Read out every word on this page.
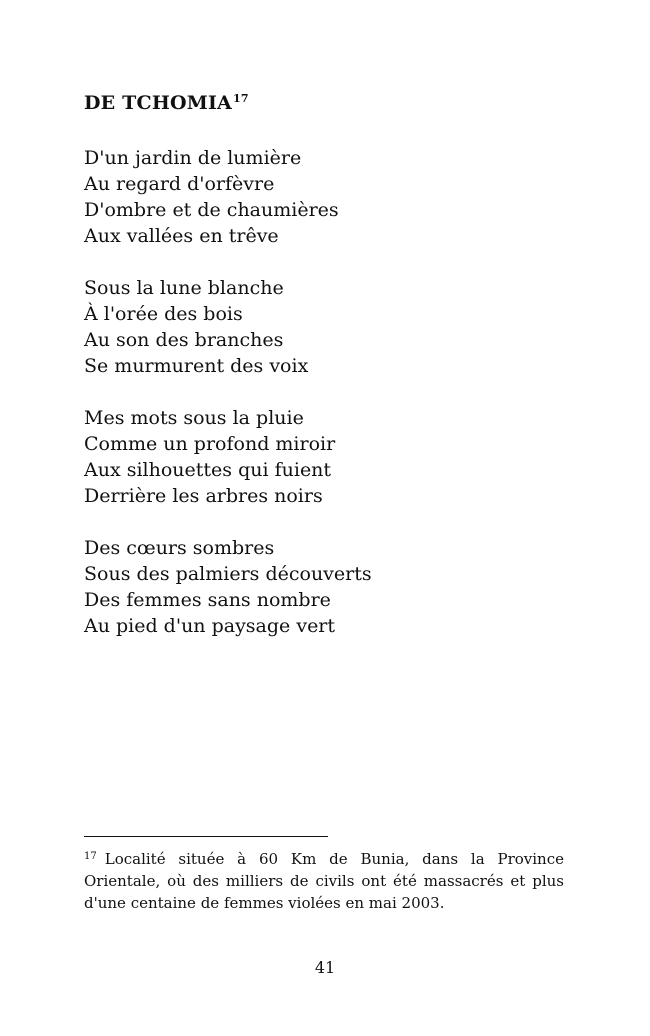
DE TCHOMIA$^{17}$
D'un jardin de lumière
Au regard d'orfèvre
D'ombre et de chaumières
Aux vallées en trêve
Sous la lune blanche
À l'orée des bois
Au son des branches
Se murmurent des voix
Mes mots sous la pluie
Comme un profond miroir
Aux silhouettes qui fuient
Derrière les arbres noirs
Des cœurs sombres
Sous des palmiers découverts
Des femmes sans nombre
Au pied d'un paysage vert
$^{17}$ Localité située à 60 Km de Bunia, dans la Province Orientale, où des milliers de civils ont été massacrés et plus d'une centaine de femmes violées en mai 2003.
41
